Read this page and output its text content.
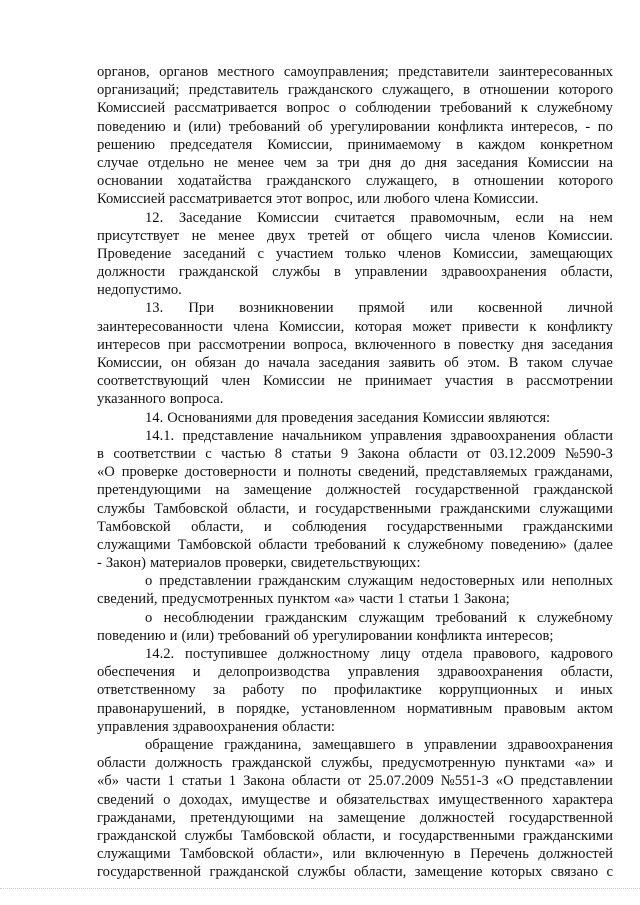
органов, органов местного самоуправления; представители заинтересованных
организаций; представитель гражданского служащего, в отношении которого
Комиссией рассматривается вопрос о соблюдении требований к служебному
поведению и (или) требований об урегулировании конфликта интересов, - по
решению председателя Комиссии, принимаемому в каждом конкретном
случае отдельно не менее чем за три дня до дня заседания Комиссии на
основании ходатайства гражданского служащего, в отношении которого
Комиссией рассматривается этот вопрос, или любого члена Комиссии.
12. Заседание Комиссии считается правомочным, если на нем
присутствует не менее двух третей от общего числа членов Комиссии.
Проведение заседаний с участием только членов Комиссии, замещающих
должности гражданской службы в управлении здравоохранения области,
недопустимо.
13. При возникновении прямой или косвенной личной
заинтересованности члена Комиссии, которая может привести к конфликту
интересов при рассмотрении вопроса, включенного в повестку дня заседания
Комиссии, он обязан до начала заседания заявить об этом. В таком случае
соответствующий член Комиссии не принимает участия в рассмотрении
указанного вопроса.
14. Основаниями для проведения заседания Комиссии являются:
14.1. представление начальником управления здравоохранения области
в соответствии с частью 8 статьи 9 Закона области от 03.12.2009 №590-З
«О проверке достоверности и полноты сведений, представляемых гражданами,
претендующими на замещение должностей государственной гражданской
службы Тамбовской области, и государственными гражданскими служащими
Тамбовской области, и соблюдения государственными гражданскими
служащими Тамбовской области требований к служебному поведению» (далее
- Закон) материалов проверки, свидетельствующих:
о представлении гражданским служащим недостоверных или неполных
сведений, предусмотренных пунктом «а» части 1 статьи 1 Закона;
о несоблюдении гражданским служащим требований к служебному
поведению и (или) требований об урегулировании конфликта интересов;
14.2. поступившее должностному лицу отдела правового, кадрового
обеспечения и делопроизводства управления здравоохранения области,
ответственному за работу по профилактике коррупционных и иных
правонарушений, в порядке, установленном нормативным правовым актом
управления здравоохранения области:
обращение гражданина, замещавшего в управлении здравоохранения
области должность гражданской службы, предусмотренную пунктами «а» и
«б» части 1 статьи 1 Закона области от 25.07.2009 №551-З «О представлении
сведений о доходах, имуществе и обязательствах имущественного характера
гражданами, претендующими на замещение должностей государственной
гражданской службы Тамбовской области, и государственными гражданскими
служащими Тамбовской области», или включенную в Перечень должностей
государственной гражданской службы области, замещение которых связано с
